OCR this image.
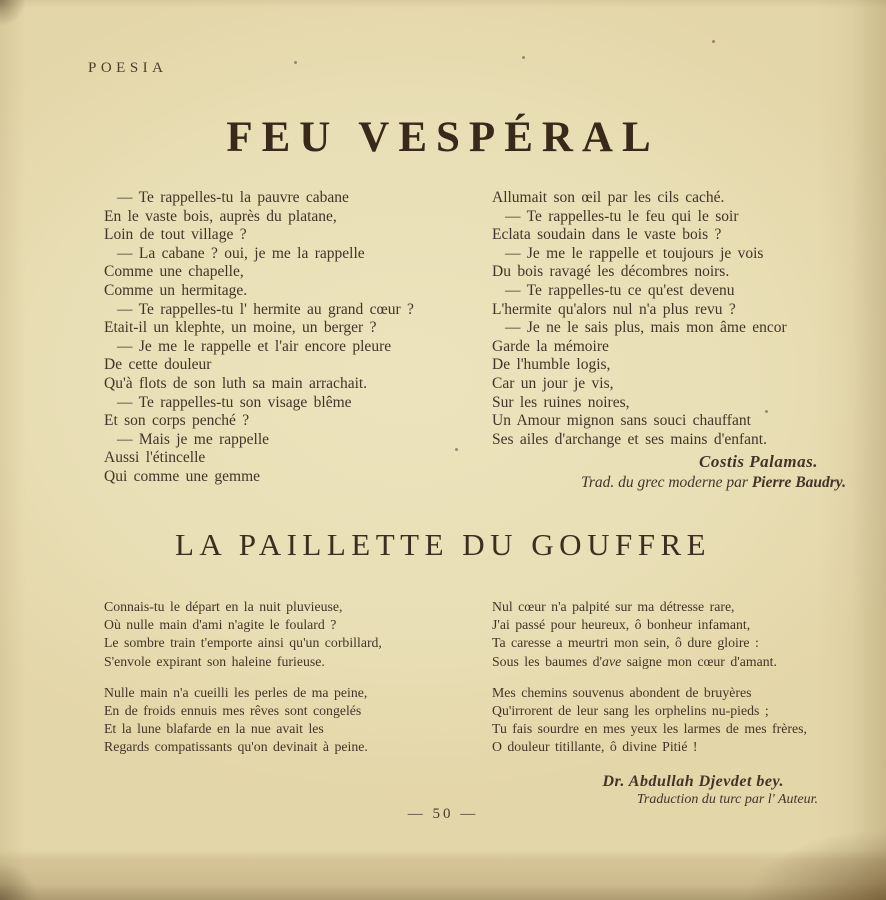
POESIA
FEU VESPÉRAL
— Te rappelles-tu la pauvre cabane
En le vaste bois, auprès du platane,
Loin de tout village ?
— La cabane ? oui, je me la rappelle
Comme une chapelle,
Comme un hermitage.
— Te rappelles-tu l' hermite au grand cœur ?
Etait-il un klephte, un moine, un berger ?
— Je me le rappelle et l'air encore pleure
De cette douleur
Qu'à flots de son luth sa main arrachait.
— Te rappelles-tu son visage blême
Et son corps penché ?
— Mais je me rappelle
Aussi l'étincelle
Qui comme une gemme
Allumait son œil par les cils caché.
— Te rappelles-tu le feu qui le soir
Eclata soudain dans le vaste bois ?
— Je me le rappelle et toujours je vois
Du bois ravagé les décombres noirs.
— Te rappelles-tu ce qu'est devenu
L'hermite qu'alors nul n'a plus revu ?
— Je ne le sais plus, mais mon âme encor
Garde la mémoire
De l'humble logis,
Car un jour je vis,
Sur les ruines noires,
Un Amour mignon sans souci chauffant
Ses ailes d'archange et ses mains d'enfant.
Costis Palamas.
Trad. du grec moderne par Pierre Baudry.
LA PAILLETTE DU GOUFFRE
Connais-tu le départ en la nuit pluvieuse,
Où nulle main d'ami n'agite le foulard ?
Le sombre train t'emporte ainsi qu'un corbillard,
S'envole expirant son haleine furieuse.
Nulle main n'a cueilli les perles de ma peine,
En de froids ennuis mes rêves sont congelés
Et la lune blafarde en la nue avait les
Regards compatissants qu'on devinait à peine.
Nul cœur n'a palpité sur ma détresse rare,
J'ai passé pour heureux, ô bonheur infamant,
Ta caresse a meurtri mon sein, ô dure gloire :
Sous les baumes d'ave saigne mon cœur d'amant.
Mes chemins souvenus abondent de bruyères
Qu'irrorent de leur sang les orphelins nu-pieds ;
Tu fais sourdre en mes yeux les larmes de mes frères,
O douleur titillante, ô divine Pitié !
Dr. Abdullah Djevdet bey.
Traduction du turc par l' Auteur.
— 50 —
